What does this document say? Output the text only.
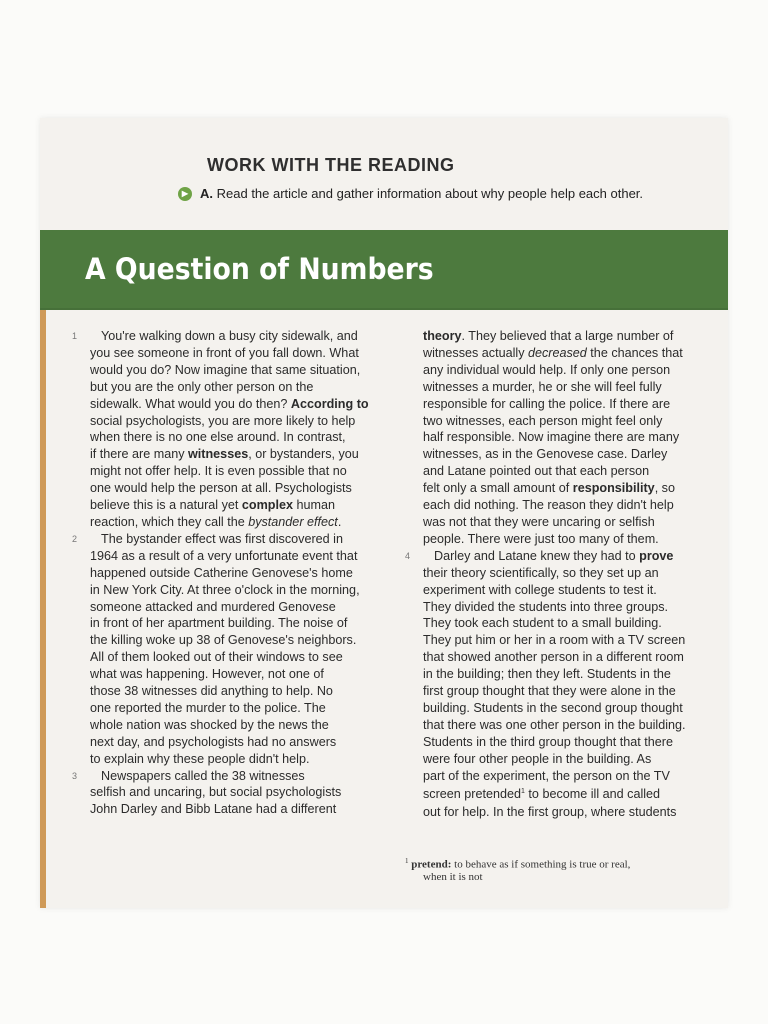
WORK WITH THE READING
▶ A. Read the article and gather information about why people help each other.
A Question of Numbers
You're walking down a busy city sidewalk, and
1
you see someone in front of you fall down. What
would you do? Now imagine that same situation,
but you are the only other person on the
sidewalk. What would you do then? According to
social psychologists, you are more likely to help
when there is no one else around. In contrast,
if there are many witnesses, or bystanders, you
might not offer help. It is even possible that no
one would help the person at all. Psychologists
believe this is a natural yet complex human
reaction, which they call the bystander effect.
The bystander effect was first discovered in
2
1964 as a result of a very unfortunate event that
happened outside Catherine Genovese's home
in New York City. At three o'clock in the morning,
someone attacked and murdered Genovese
in front of her apartment building. The noise of
the killing woke up 38 of Genovese's neighbors.
All of them looked out of their windows to see
what was happening. However, not one of
those 38 witnesses did anything to help. No
one reported the murder to the police. The
whole nation was shocked by the news the
next day, and psychologists had no answers
to explain why these people didn't help.
Newspapers called the 38 witnesses
3
selfish and uncaring, but social psychologists
John Darley and Bibb Latane had a different
theory. They believed that a large number of
witnesses actually decreased the chances that
any individual would help. If only one person
witnesses a murder, he or she will feel fully
responsible for calling the police. If there are
two witnesses, each person might feel only
half responsible. Now imagine there are many
witnesses, as in the Genovese case. Darley
and Latane pointed out that each person
felt only a small amount of responsibility, so
each did nothing. The reason they didn't help
was not that they were uncaring or selfish
people. There were just too many of them.
Darley and Latane knew they had to prove
4
their theory scientifically, so they set up an
experiment with college students to test it.
They divided the students into three groups.
They took each student to a small building.
They put him or her in a room with a TV screen
that showed another person in a different room
in the building; then they left. Students in the
first group thought that they were alone in the
building. Students in the second group thought
that there was one other person in the building.
Students in the third group thought that there
were four other people in the building. As
part of the experiment, the person on the TV
screen pretended$^1$ to become ill and called
out for help. In the first group, where students
$^1$ pretend: to behave as if something is true or real,
when it is not
